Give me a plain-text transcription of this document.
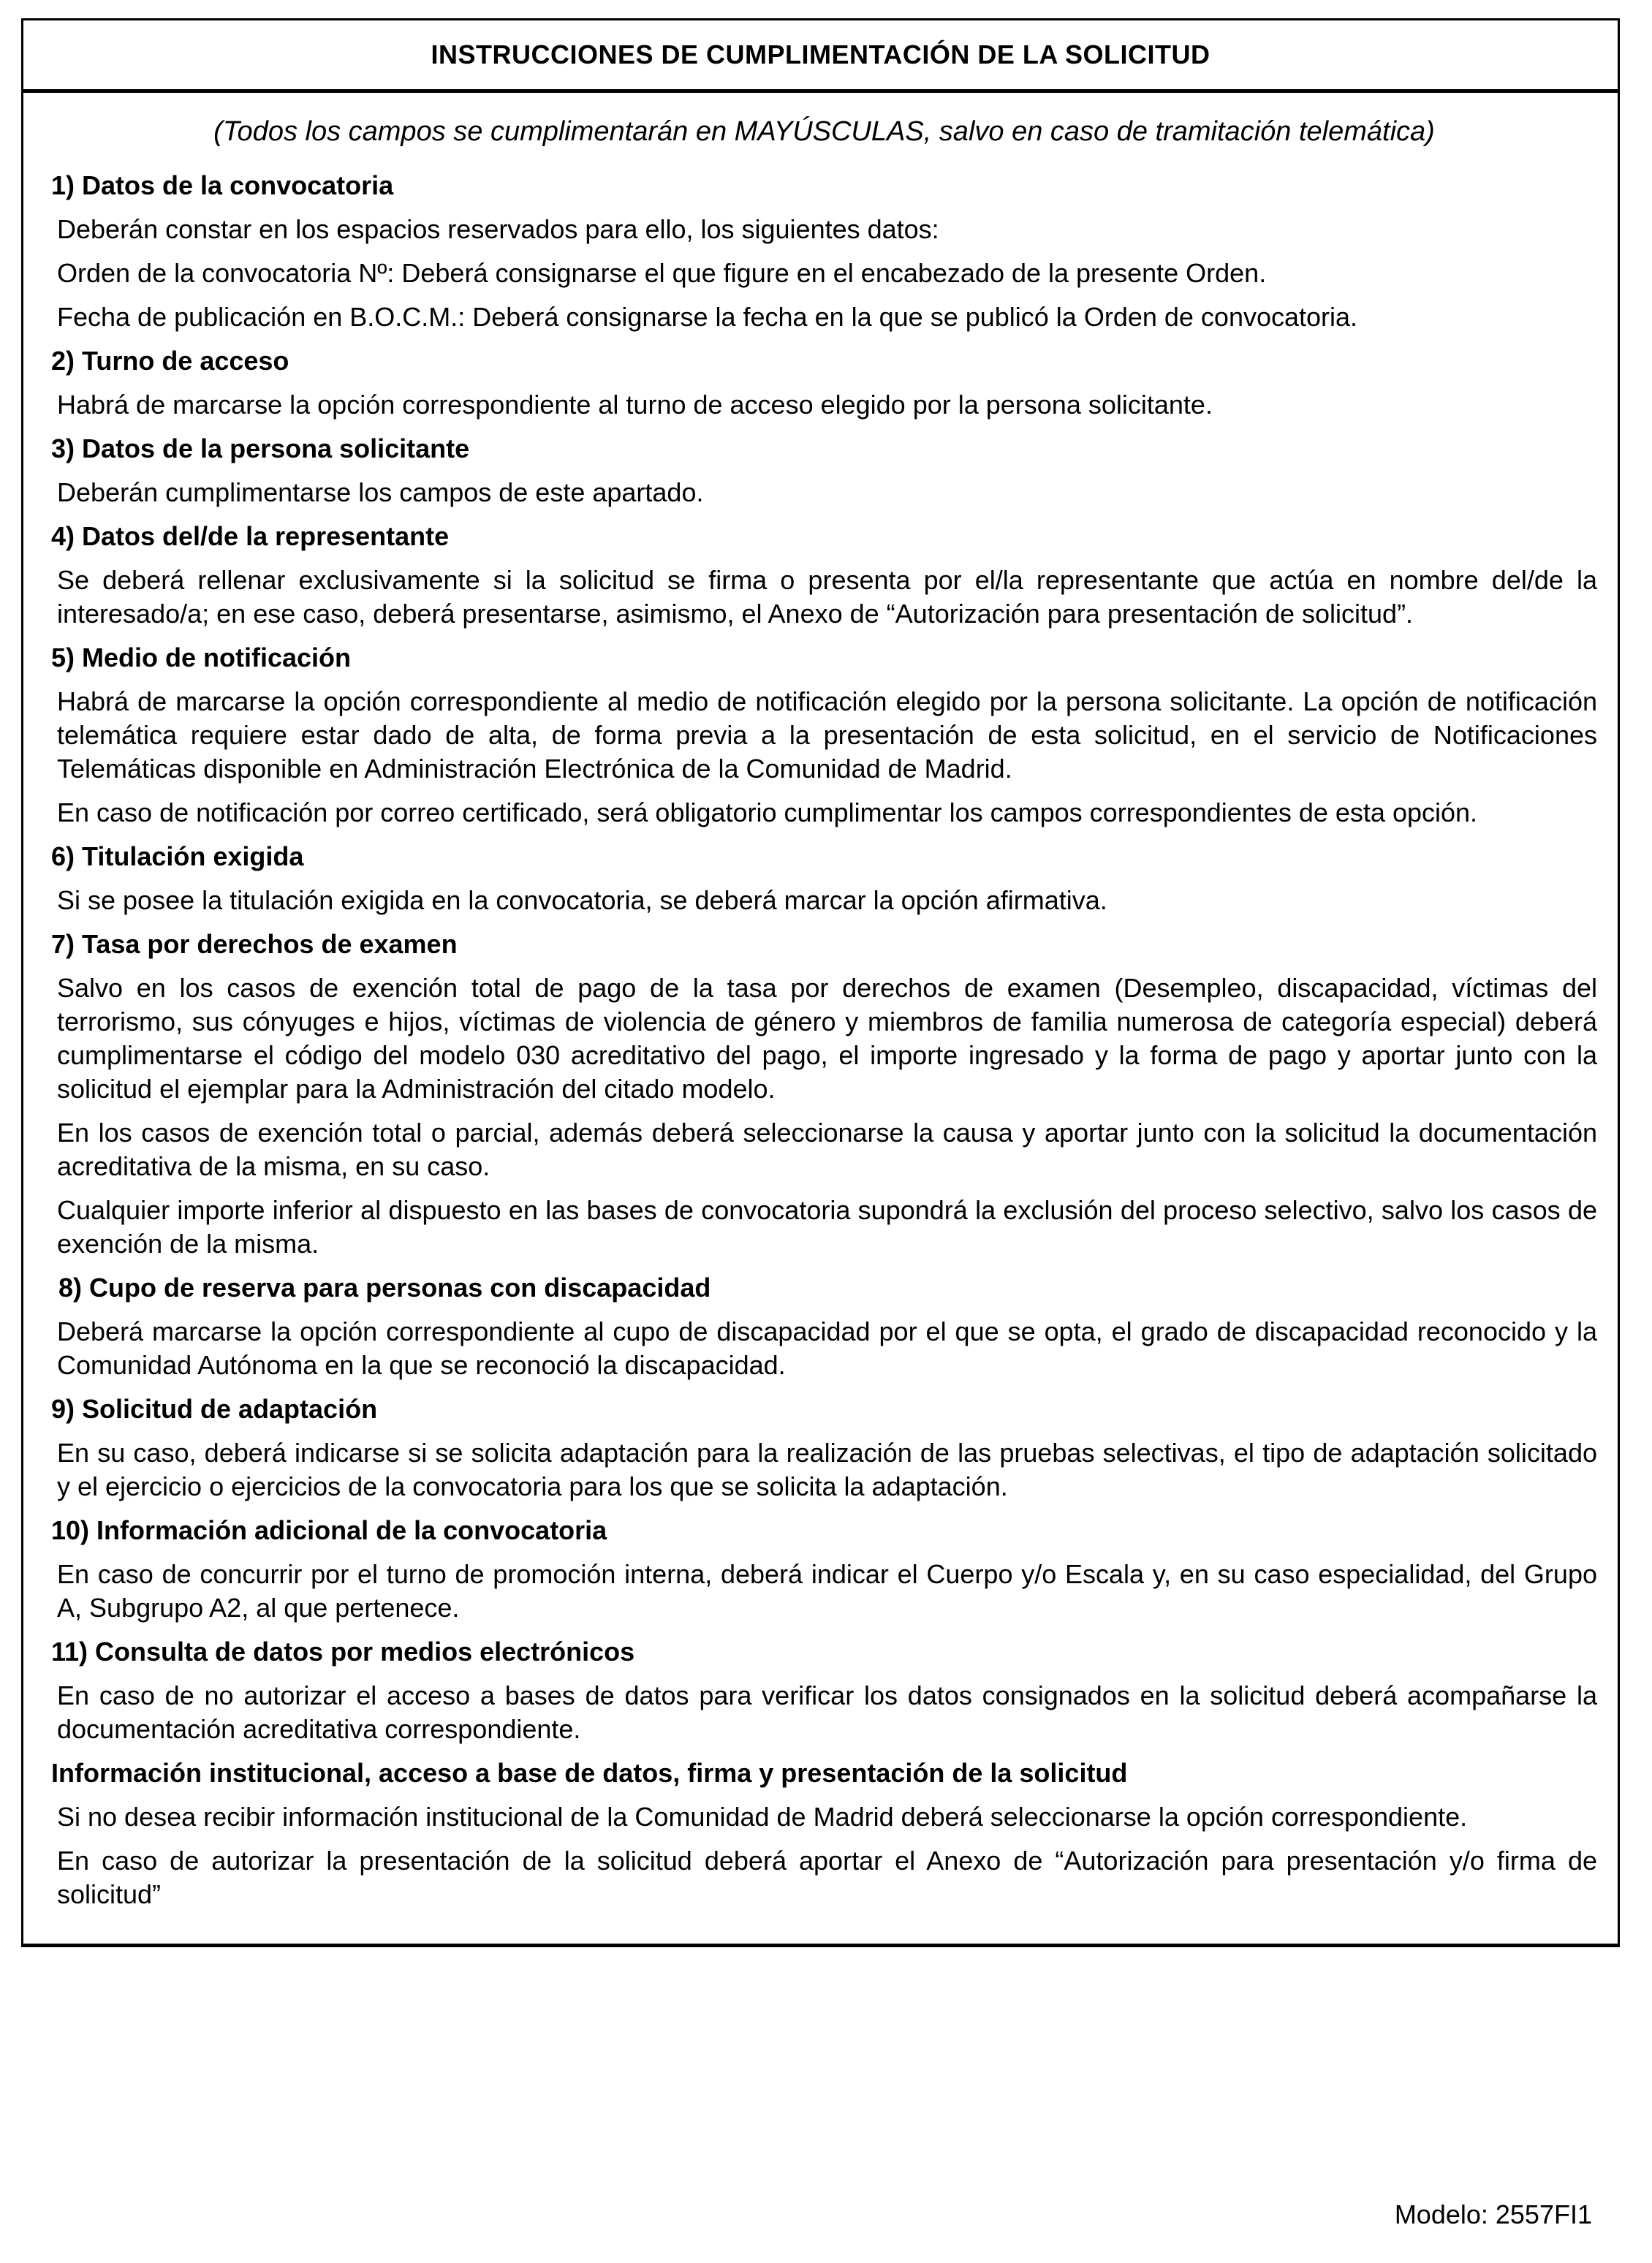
INSTRUCCIONES DE CUMPLIMENTACIÓN DE LA SOLICITUD

(Todos los campos se cumplimentarán en MAYÚSCULAS, salvo en caso de tramitación telemática)

1) Datos de la convocatoria

Deberán constar en los espacios reservados para ello, los siguientes datos:

Orden de la convocatoria Nº: Deberá consignarse el que figure en el encabezado de la presente Orden.

Fecha de publicación en B.O.C.M.: Deberá consignarse la fecha en la que se publicó la Orden de convocatoria.

2) Turno de acceso

Habrá de marcarse la opción correspondiente al turno de acceso elegido por la persona solicitante.

3) Datos de la persona solicitante

Deberán cumplimentarse los campos de este apartado.

4) Datos del/de la representante

Se deberá rellenar exclusivamente si la solicitud se firma o presenta por el/la representante que actúa en nombre del/de la interesado/a; en ese caso, deberá presentarse, asimismo, el Anexo de “Autorización para presentación de solicitud”.

5) Medio de notificación

Habrá de marcarse la opción correspondiente al medio de notificación elegido por la persona solicitante. La opción de notificación telemática requiere estar dado de alta, de forma previa a la presentación de esta solicitud, en el servicio de Notificaciones Telemáticas disponible en Administración Electrónica de la Comunidad de Madrid.

En caso de notificación por correo certificado, será obligatorio cumplimentar los campos correspondientes de esta opción.

6) Titulación exigida

Si se posee la titulación exigida en la convocatoria, se deberá marcar la opción afirmativa.

7) Tasa por derechos de examen

Salvo en los casos de exención total de pago de la tasa por derechos de examen (Desempleo, discapacidad, víctimas del terrorismo, sus cónyuges e hijos, víctimas de violencia de género y miembros de familia numerosa de categoría especial) deberá cumplimentarse el código del modelo 030 acreditativo del pago, el importe ingresado y la forma de pago y aportar junto con la solicitud el ejemplar para la Administración del citado modelo.

En los casos de exención total o parcial, además deberá seleccionarse la causa y aportar junto con la solicitud la documentación acreditativa de la misma, en su caso.

Cualquier importe inferior al dispuesto en las bases de convocatoria supondrá la exclusión del proceso selectivo, salvo los casos de exención de la misma.

8) Cupo de reserva para personas con discapacidad

Deberá marcarse la opción correspondiente al cupo de discapacidad por el que se opta, el grado de discapacidad reconocido y la Comunidad Autónoma en la que se reconoció la discapacidad.

9) Solicitud de adaptación

En su caso, deberá indicarse si se solicita adaptación para la realización de las pruebas selectivas, el tipo de adaptación solicitado y el ejercicio o ejercicios de la convocatoria para los que se solicita la adaptación.

10) Información adicional de la convocatoria

En caso de concurrir por el turno de promoción interna, deberá indicar el Cuerpo y/o Escala y, en su caso especialidad, del Grupo A, Subgrupo A2, al que pertenece.

11) Consulta de datos por medios electrónicos

En caso de no autorizar el acceso a bases de datos para verificar los datos consignados en la solicitud deberá acompañarse la documentación acreditativa correspondiente.

Información institucional, acceso a base de datos, firma y presentación de la solicitud

Si no desea recibir información institucional de la Comunidad de Madrid deberá seleccionarse la opción correspondiente.

En caso de autorizar la presentación de la solicitud deberá aportar el Anexo de “Autorización para presentación y/o firma de solicitud”

Modelo: 2557FI1
